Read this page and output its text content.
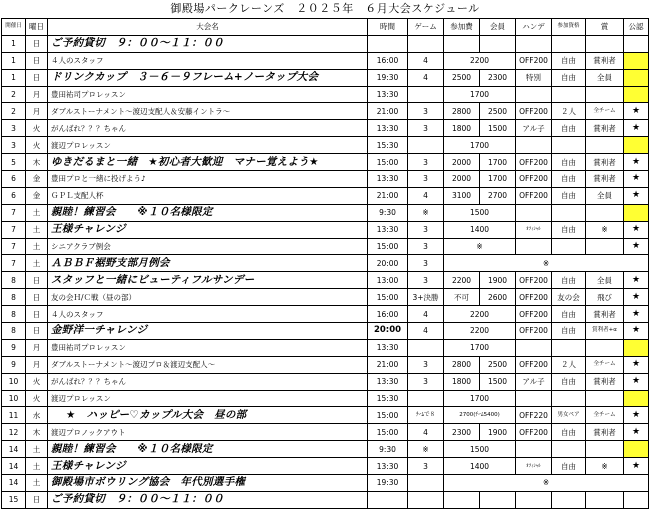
御殿場パークレーンズ　２０２５年　６月大会スケジュール
開催日	曜日	大会名	時間	ゲーム	参加費	会員	ハンデ	参加資格	賞	公認	
1	日	ご予約貸切　９：００～１１：００									
1	日	４人のスタッフ	16:00	4	2200		OFF200	自由	賞利者		
1	日	ドリンクカップ　３－６－９フレーム+ノータップ大会	19:30	4	2500	2300	特別	自由	全員		
2	月	豊田祐司プロレッスン	13:30		1700						
2	月	ダブルストーナメント～渡辺支配人＆安藤イントラ～	21:00	3	2800	2500	OFF200	２人	全チーム	★	
3	火	がんばれ？？？ちゃん	13:30	3	1800	1500	アル子	自由	賞利者	★	
3	火	渡辺プロレッスン	15:30		1700						
5	木	ゆきだるまと一緒　★初心者大歓迎　マナー覚えよう★	15:00	3	2000	1700	OFF200	自由	賞利者	★	
6	金	豊田プロと一緒に投げよう♪	13:30	3	2000	1700	OFF200	自由	賞利者	★	
6	金	ＧＰＬ支配人杯	21:00	4	3100	2700	OFF200	自由	全員	★	
7	土	親睦！練習会　　※１０名様限定	9:30	※	1500						
7	土	王様チャレンジ	13:30	3	1400		ｵﾌｨｼｬﾙ	自由	※	★	
7	土	シニアクラブ例会	15:00	3	※					★	
7	土	ＡＢＢＦ裾野支部月例会	20:00	3	※	
8	日	スタッフと一緒にビューティフルサンデー	13:00	3	2200	1900	OFF200	自由	全員	★	
8	日	友の会Ｈ/Ｃ戦（昼の部）	15:00	3+決勝	不可	2600	OFF200	友の会	飛び	★	
8	日	４人のスタッフ	16:00	4	2200		OFF200	自由	賞利者	★	
8	日	金野洋一チャレンジ	20:00	4	2200		OFF200	自由	賞利者+α	★	
9	月	豊田祐司プロレッスン	13:30		1700						
9	月	ダブルストーナメント～渡辺プロ＆渡辺支配人～	21:00	3	2800	2500	OFF200	２人	全チーム	★	
10	火	がんばれ？？？ちゃん	13:30	3	1800	1500	アル子	自由	賞利者	★	
10	火	渡辺プロレッスン	15:30		1700						
11	水	★　ハッピー♡カップル大会　昼の部	15:00	ﾁｰﾑで８	2700(ﾁｰﾑ5400)		OFF220	男女ペア	全チーム	★	
12	木	渡辺プロノックアウト	15:00	4	2300	1900	OFF200	自由	賞利者	★	
14	土	親睦！練習会　　※１０名様限定	9:30	※	1500						
14	土	王様チャレンジ	13:30	3	1400		ｵﾌｨｼｬﾙ	自由	※	★	
14	土	御殿場市ボウリング協会　年代別選手権	19:30		※	
15	日	ご予約貸切　９：００～１１：００									
